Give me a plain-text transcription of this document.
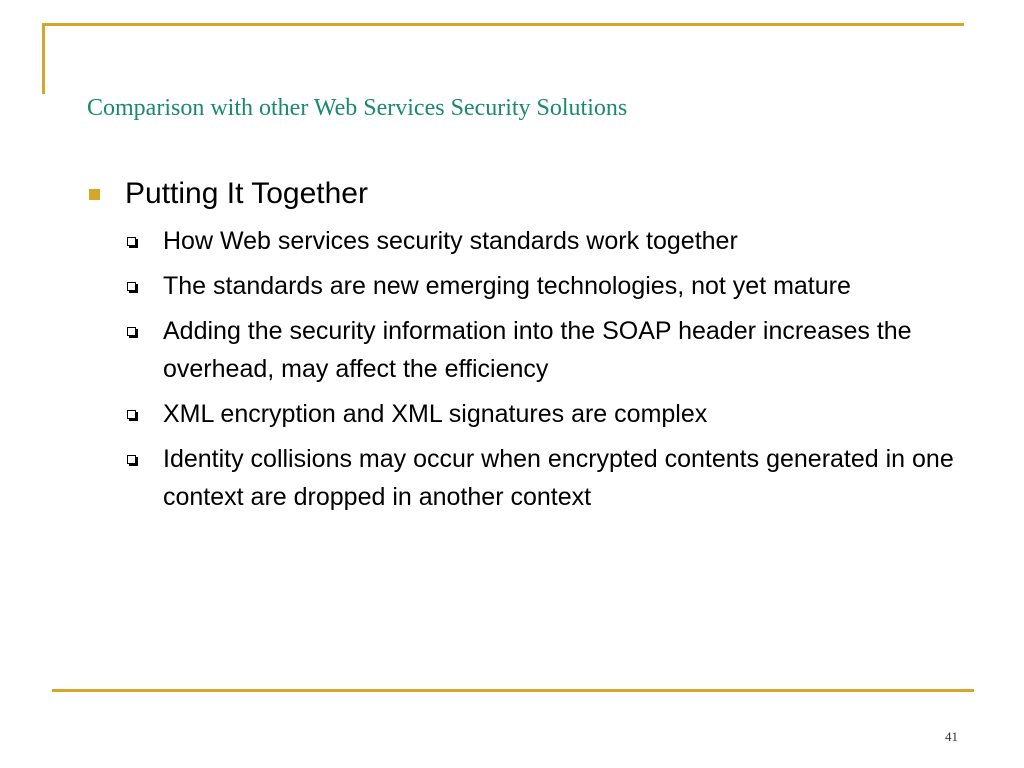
Comparison with other Web Services Security Solutions
Putting It Together
How Web services security standards work together
The standards are new emerging technologies, not yet mature
Adding the security information into the SOAP header increases the overhead, may affect the efficiency
XML encryption and XML signatures are complex
Identity collisions may occur when encrypted contents generated in one context are dropped in another context
41
